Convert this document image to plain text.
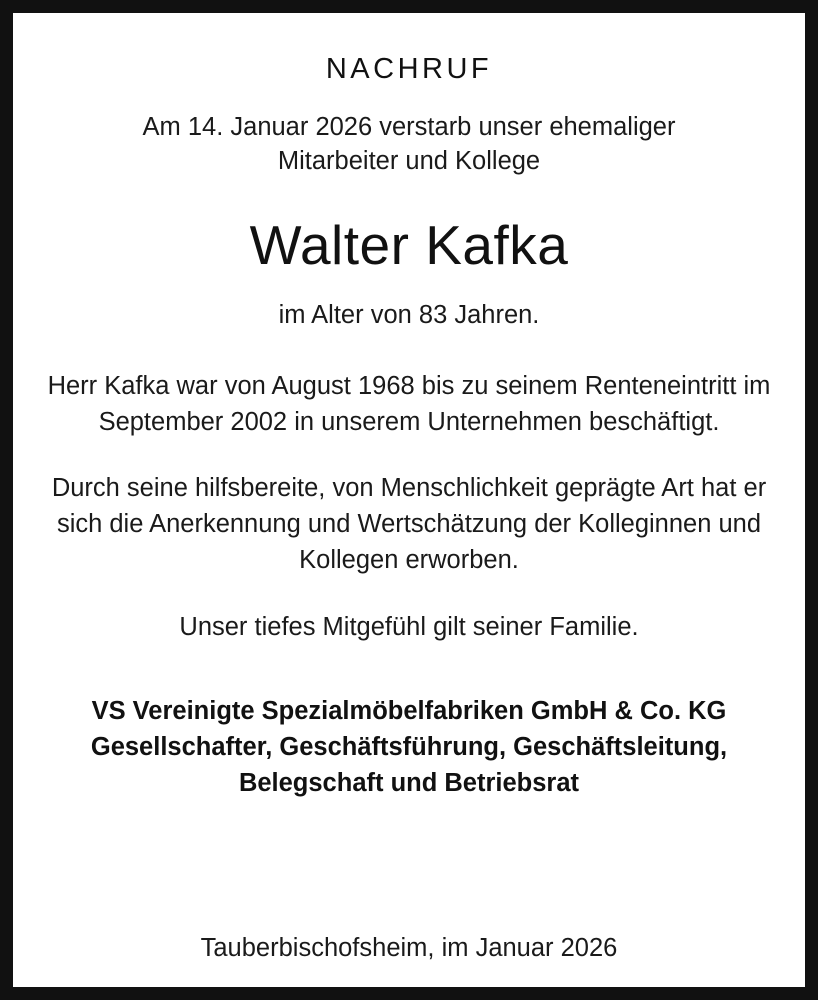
NACHRUF
Am 14. Januar 2026 verstarb unser ehemaliger Mitarbeiter und Kollege
Walter Kafka
im Alter von 83 Jahren.
Herr Kafka war von August 1968 bis zu seinem Renteneintritt im September 2002 in unserem Unternehmen beschäftigt.
Durch seine hilfsbereite, von Menschlichkeit geprägte Art hat er sich die Anerkennung und Wertschätzung der Kolleginnen und Kollegen erworben.
Unser tiefes Mitgefühl gilt seiner Familie.
VS Vereinigte Spezialmöbelfabriken GmbH & Co. KG
Gesellschafter, Geschäftsführung, Geschäftsleitung,
Belegschaft und Betriebsrat
Tauberbischofsheim, im Januar 2026
